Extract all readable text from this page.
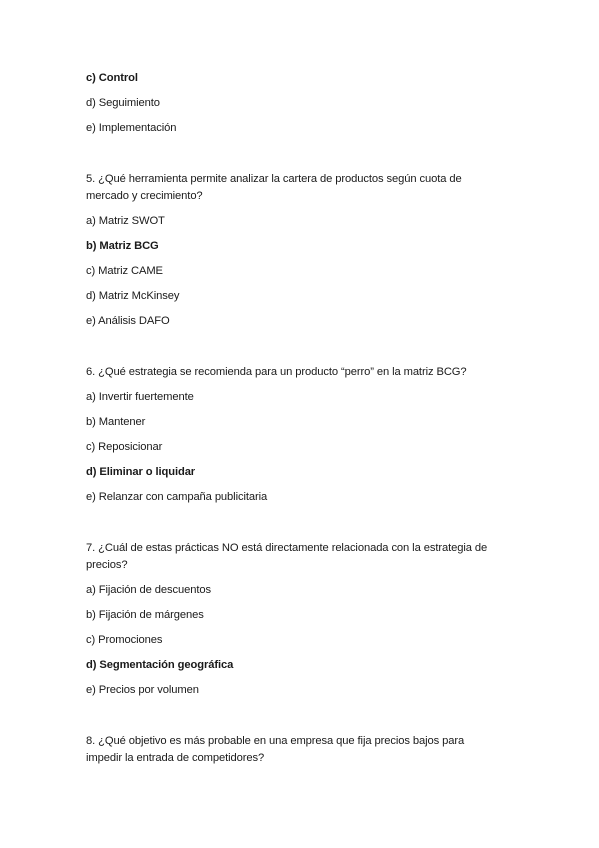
c) Control
d) Seguimiento
e) Implementación
5. ¿Qué herramienta permite analizar la cartera de productos según cuota de
mercado y crecimiento?
a) Matriz SWOT
b) Matriz BCG
c) Matriz CAME
d) Matriz McKinsey
e) Análisis DAFO
6. ¿Qué estrategia se recomienda para un producto “perro” en la matriz BCG?
a) Invertir fuertemente
b) Mantener
c) Reposicionar
d) Eliminar o liquidar
e) Relanzar con campaña publicitaria
7. ¿Cuál de estas prácticas NO está directamente relacionada con la estrategia de
precios?
a) Fijación de descuentos
b) Fijación de márgenes
c) Promociones
d) Segmentación geográfica
e) Precios por volumen
8. ¿Qué objetivo es más probable en una empresa que fija precios bajos para
impedir la entrada de competidores?
